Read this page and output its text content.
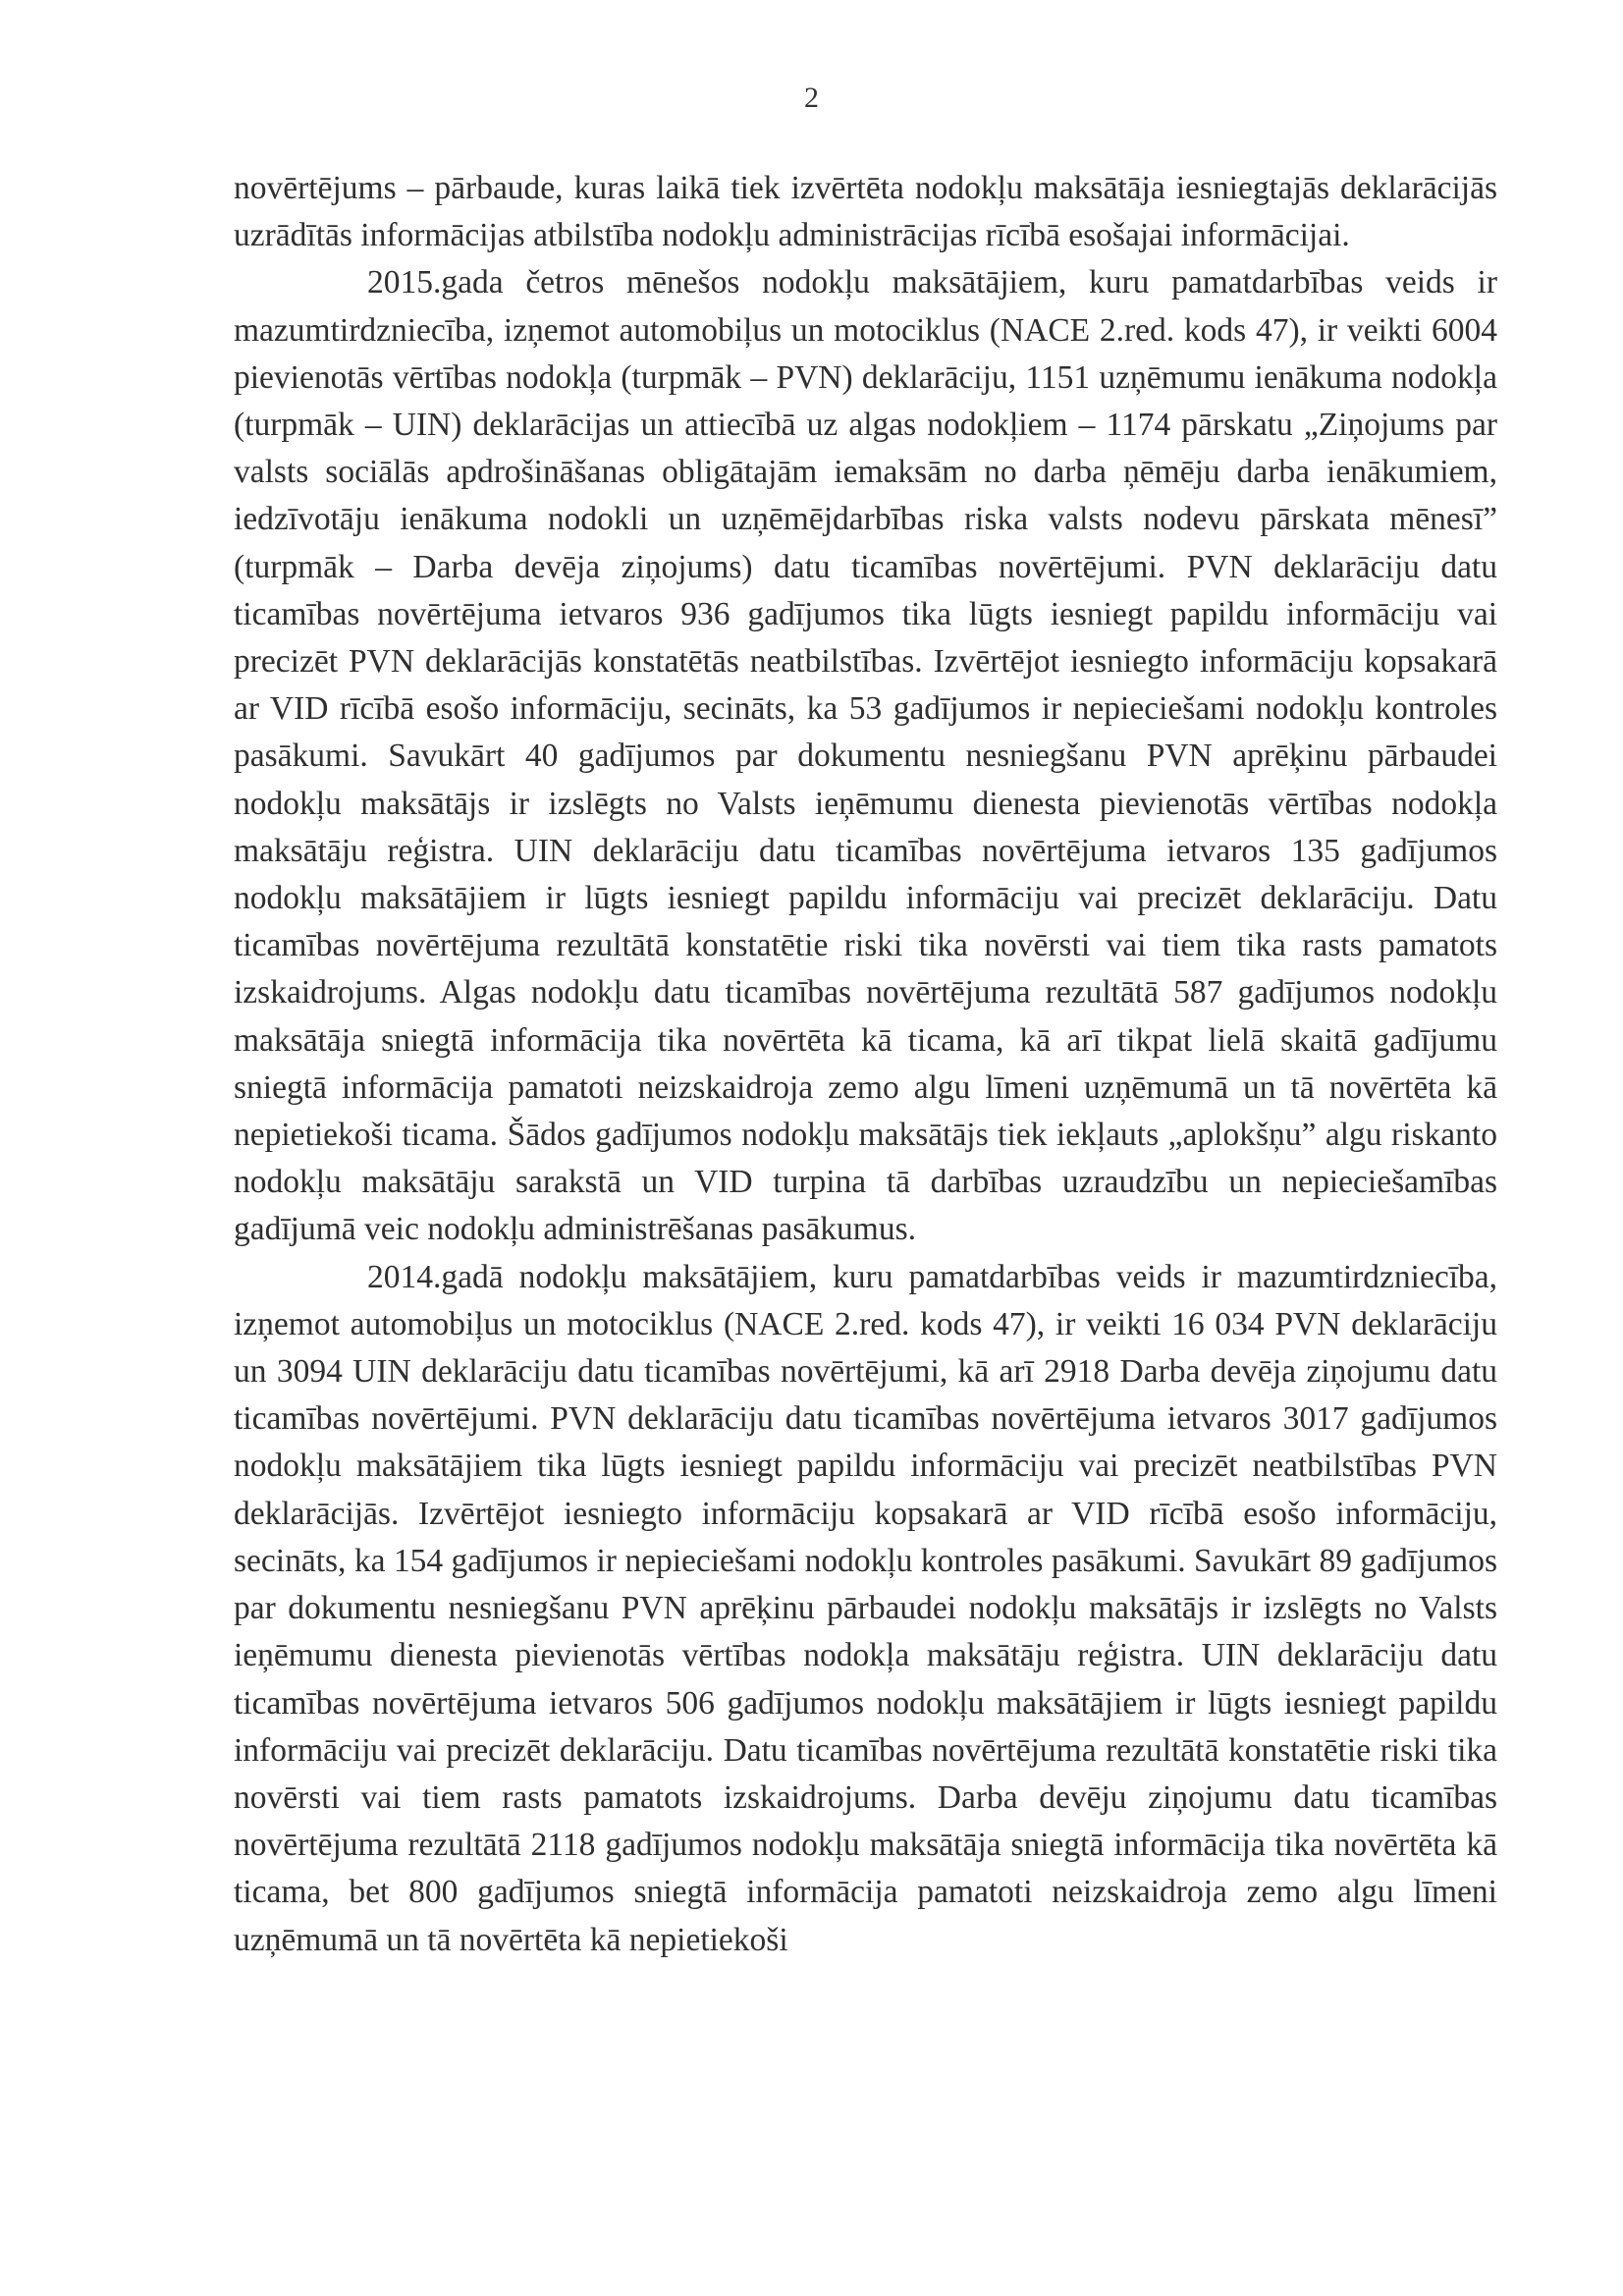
2

novērtējums – pārbaude, kuras laikā tiek izvērtēta nodokļu maksātāja iesniegtajās deklarācijās uzrādītās informācijas atbilstība nodokļu administrācijas rīcībā esošajai informācijai.

2015.gada četros mēnešos nodokļu maksātājiem, kuru pamatdarbības veids ir mazumtirdzniecība, izņemot automobiļus un motociklus (NACE 2.red. kods 47), ir veikti 6004 pievienotās vērtības nodokļa (turpmāk – PVN) deklarāciju, 1151 uzņēmumu ienākuma nodokļa (turpmāk – UIN) deklarācijas un attiecībā uz algas nodokļiem – 1174 pārskatu „Ziņojums par valsts sociālās apdrošināšanas obligātajām iemaksām no darba ņēmēju darba ienākumiem, iedzīvotāju ienākuma nodokli un uzņēmējdarbības riska valsts nodevu pārskata mēnesī” (turpmāk – Darba devēja ziņojums) datu ticamības novērtējumi. PVN deklarāciju datu ticamības novērtējuma ietvaros 936 gadījumos tika lūgts iesniegt papildu informāciju vai precizēt PVN deklarācijās konstatētās neatbilstības. Izvērtējot iesniegto informāciju kopsakarā ar VID rīcībā esošo informāciju, secināts, ka 53 gadījumos ir nepieciešami nodokļu kontroles pasākumi. Savukārt 40 gadījumos par dokumentu nesniegšanu PVN aprēķinu pārbaudei nodokļu maksātājs ir izslēgts no Valsts ieņēmumu dienesta pievienotās vērtības nodokļa maksātāju reģistra. UIN deklarāciju datu ticamības novērtējuma ietvaros 135 gadījumos nodokļu maksātājiem ir lūgts iesniegt papildu informāciju vai precizēt deklarāciju. Datu ticamības novērtējuma rezultātā konstatētie riski tika novērsti vai tiem tika rasts pamatots izskaidrojums. Algas nodokļu datu ticamības novērtējuma rezultātā 587 gadījumos nodokļu maksātāja sniegtā informācija tika novērtēta kā ticama, kā arī tikpat lielā skaitā gadījumu sniegtā informācija pamatoti neizskaidroja zemo algu līmeni uzņēmumā un tā novērtēta kā nepietiekoši ticama. Šādos gadījumos nodokļu maksātājs tiek iekļauts „aplokšņu” algu riskanto nodokļu maksātāju sarakstā un VID turpina tā darbības uzraudzību un nepieciešamības gadījumā veic nodokļu administrēšanas pasākumus.

2014.gadā nodokļu maksātājiem, kuru pamatdarbības veids ir mazumtirdzniecība, izņemot automobiļus un motociklus (NACE 2.red. kods 47), ir veikti 16 034 PVN deklarāciju un 3094 UIN deklarāciju datu ticamības novērtējumi, kā arī 2918 Darba devēja ziņojumu datu ticamības novērtējumi. PVN deklarāciju datu ticamības novērtējuma ietvaros 3017 gadījumos nodokļu maksātājiem tika lūgts iesniegt papildu informāciju vai precizēt neatbilstības PVN deklarācijās. Izvērtējot iesniegto informāciju kopsakarā ar VID rīcībā esošo informāciju, secināts, ka 154 gadījumos ir nepieciešami nodokļu kontroles pasākumi. Savukārt 89 gadījumos par dokumentu nesniegšanu PVN aprēķinu pārbaudei nodokļu maksātājs ir izslēgts no Valsts ieņēmumu dienesta pievienotās vērtības nodokļa maksātāju reģistra. UIN deklarāciju datu ticamības novērtējuma ietvaros 506 gadījumos nodokļu maksātājiem ir lūgts iesniegt papildu informāciju vai precizēt deklarāciju. Datu ticamības novērtējuma rezultātā konstatētie riski tika novērsti vai tiem rasts pamatots izskaidrojums. Darba devēju ziņojumu datu ticamības novērtējuma rezultātā 2118 gadījumos nodokļu maksātāja sniegtā informācija tika novērtēta kā ticama, bet 800 gadījumos sniegtā informācija pamatoti neizskaidroja zemo algu līmeni uzņēmumā un tā novērtēta kā nepietiekoši
